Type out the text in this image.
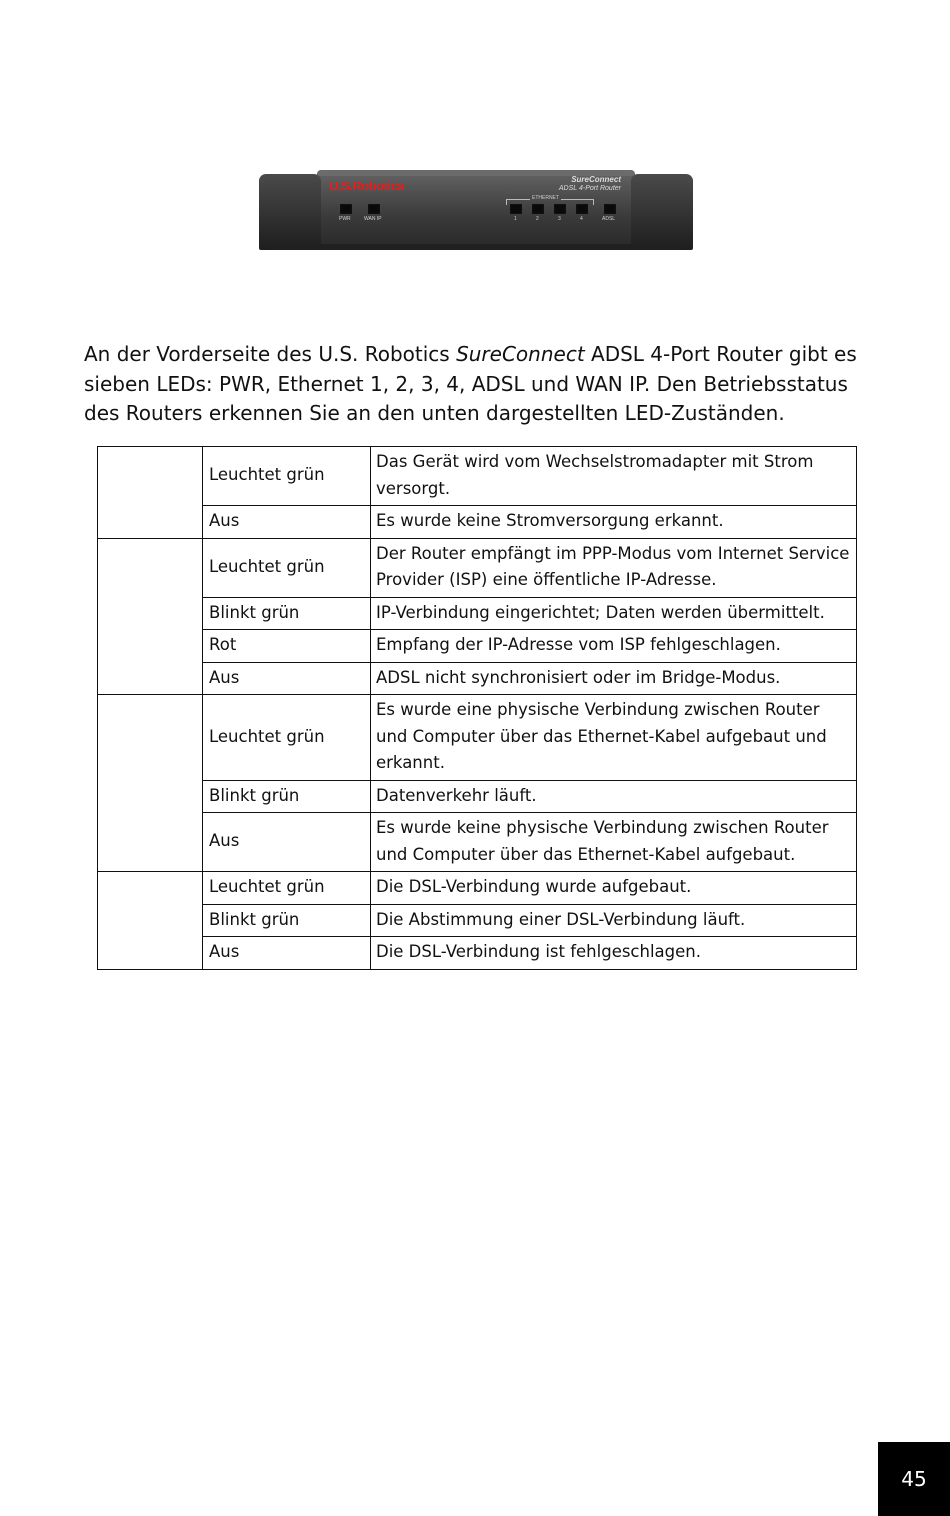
U.S.Robotics	SureConnect
ADSL 4-Port Router
ETHERNET
PWR	WAN IP	1	2	3	4	ADSL

An der Vorderseite des U.S. Robotics SureConnect ADSL 4-Port Router gibt es sieben LEDs: PWR, Ethernet 1, 2, 3, 4, ADSL und WAN IP. Den Betriebsstatus des Routers erkennen Sie an den unten dargestellten LED-Zuständen.

	Leuchtet grün	Das Gerät wird vom Wechselstromadapter mit Strom versorgt.
	Aus	Es wurde keine Stromversorgung erkannt.
	Leuchtet grün	Der Router empfängt im PPP-Modus vom Internet Service Provider (ISP) eine öffentliche IP-Adresse.
	Blinkt grün	IP-Verbindung eingerichtet; Daten werden übermittelt.
	Rot	Empfang der IP-Adresse vom ISP fehlgeschlagen.
	Aus	ADSL nicht synchronisiert oder im Bridge-Modus.
	Leuchtet grün	Es wurde eine physische Verbindung zwischen Router und Computer über das Ethernet-Kabel aufgebaut und erkannt.
	Blinkt grün	Datenverkehr läuft.
	Aus	Es wurde keine physische Verbindung zwischen Router und Computer über das Ethernet-Kabel aufgebaut.
	Leuchtet grün	Die DSL-Verbindung wurde aufgebaut.
	Blinkt grün	Die Abstimmung einer DSL-Verbindung läuft.
	Aus	Die DSL-Verbindung ist fehlgeschlagen.
45
